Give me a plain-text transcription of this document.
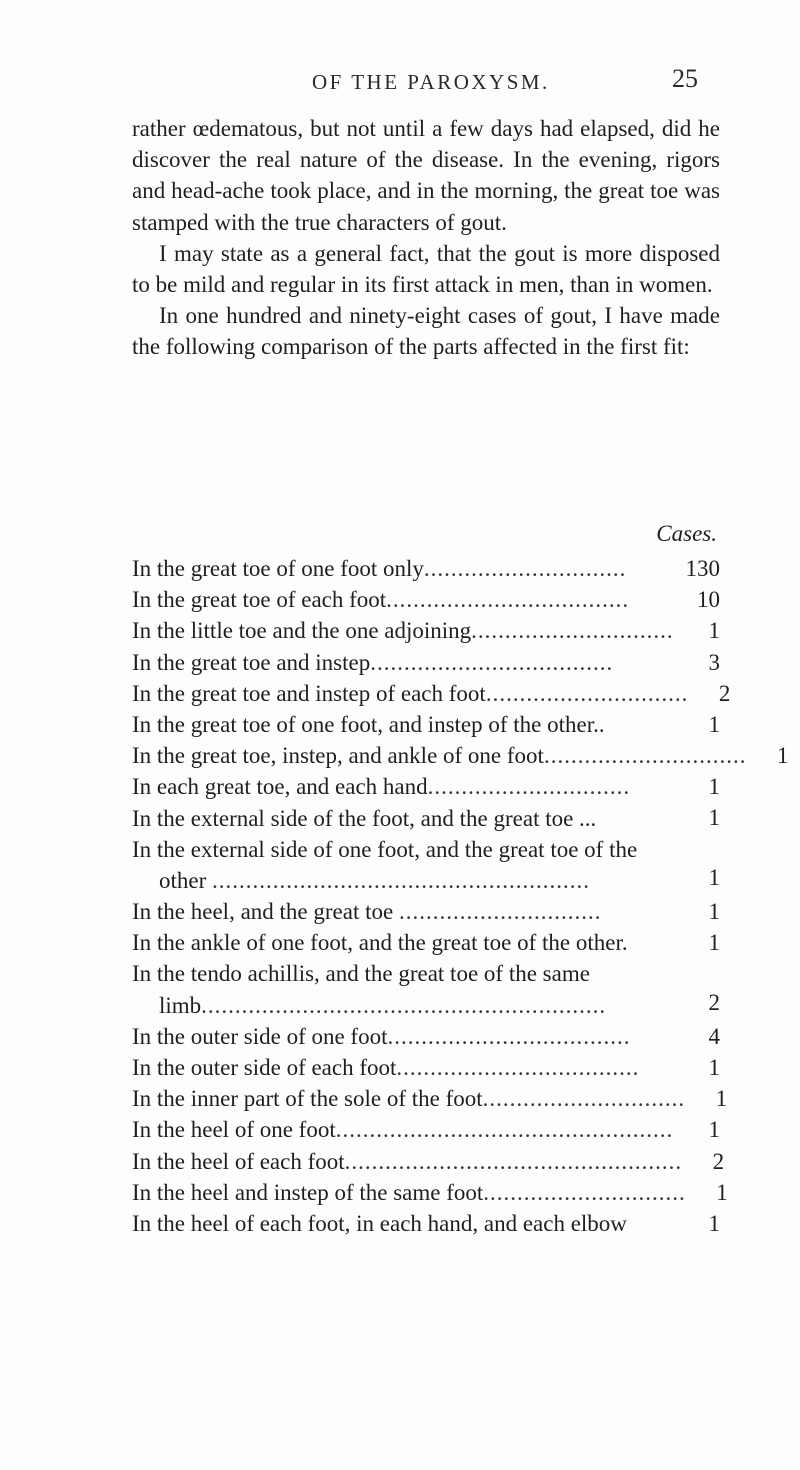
OF THE PAROXYSM.	25

rather œdematous, but not until a few days had elapsed, did he discover the real nature of the disease. In the evening, rigors and head-ache took place, and in the morning, the great toe was stamped with the true characters of gout.

I may state as a general fact, that the gout is more disposed to be mild and regular in its first attack in men, than in women.

In one hundred and ninety-eight cases of gout, I have made the following comparison of the parts affected in the first fit:

Cases.
In the great toe of one foot only..............................	130
In the great toe of each foot....................................	10
In the little toe and the one adjoining..............................	1
In the great toe and instep....................................	3
In the great toe and instep of each foot..............................	2
In the great toe of one foot, and instep of the other..	1
In the great toe, instep, and ankle of one foot..............................	1
In each great toe, and each hand..............................	1
In the external side of the foot, and the great toe ...	1
In the external side of one foot, and the great toe of the other ........................................................	1
In the heel, and the great toe ..............................	1
In the ankle of one foot, and the great toe of the other.	1
In the tendo achillis, and the great toe of the same limb............................................................	2
In the outer side of one foot....................................	4
In the outer side of each foot....................................	1
In the inner part of the sole of the foot..............................	1
In the heel of one foot..................................................	1
In the heel of each foot..................................................	2
In the heel and instep of the same foot..............................	1
In the heel of each foot, in each hand, and each elbow	1
